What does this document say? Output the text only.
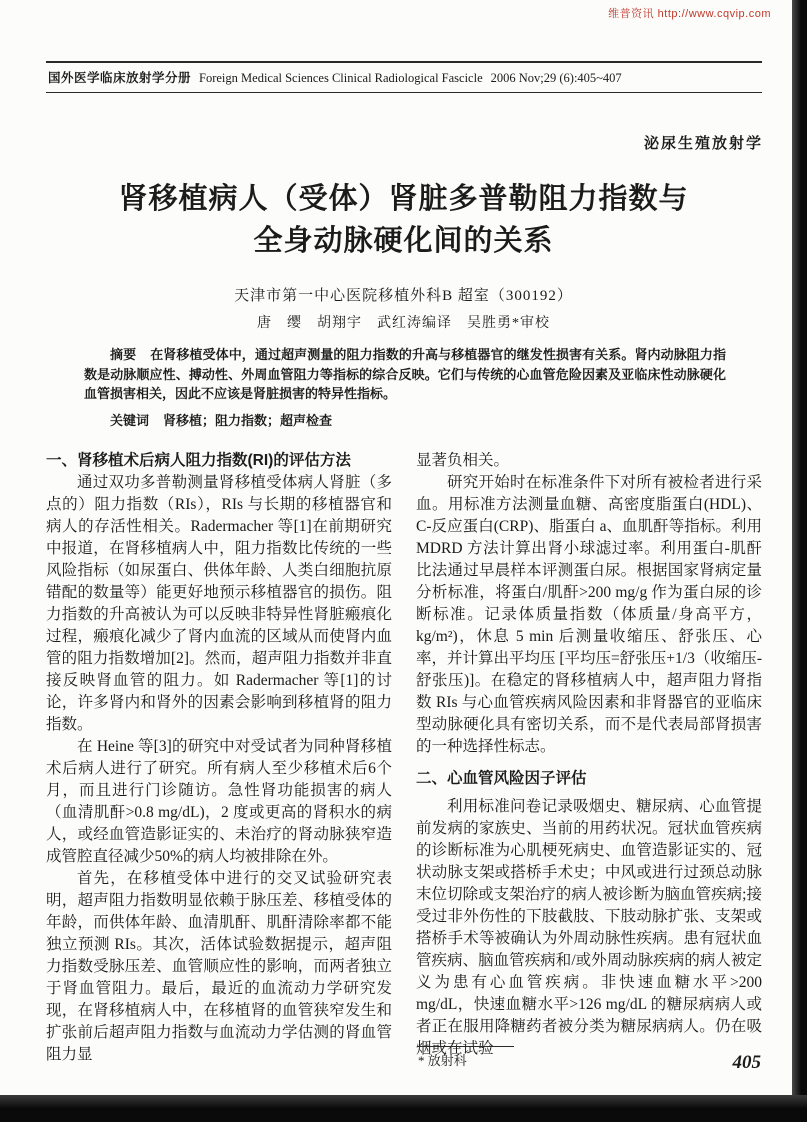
维普资讯 http://www.cqvip.com
国外医学临床放射学分册 Foreign Medical Sciences Clinical Radiological Fascicle 2006 Nov;29 (6):405~407
泌尿生殖放射学
肾移植病人（受体）肾脏多普勒阻力指数与
全身动脉硬化间的关系
天津市第一中心医院移植外科B 超室（300192）
唐　缨　胡翔宇　武红涛编译　吴胜勇*审校

摘要 在肾移植受体中，通过超声测量的阻力指数的升高与移植器官的继发性损害有关系。肾内动脉阻力指数是动脉顺应性、搏动性、外周血管阻力等指标的综合反映。它们与传统的心血管危险因素及亚临床性动脉硬化血管损害相关，因此不应该是肾脏损害的特异性指标。

关键词 肾移植；阻力指数；超声检查

一、肾移植术后病人阻力指数(RI)的评估方法

通过双功多普勒测量肾移植受体病人肾脏（多点的）阻力指数（RIs），RIs 与长期的移植器官和病人的存活性相关。Radermacher 等[1]在前期研究中报道，在肾移植病人中，阻力指数比传统的一些风险指标（如尿蛋白、供体年龄、人类白细胞抗原错配的数量等）能更好地预示移植器官的损伤。阻力指数的升高被认为可以反映非特异性肾脏瘢痕化过程，瘢痕化减少了肾内血流的区域从而使肾内血管的阻力指数增加[2]。然而，超声阻力指数并非直接反映肾血管的阻力。如 Radermacher 等[1]的讨论，许多肾内和肾外的因素会影响到移植肾的阻力指数。

在 Heine 等[3]的研究中对受试者为同种肾移植术后病人进行了研究。所有病人至少移植术后6个月，而且进行门诊随访。急性肾功能损害的病人（血清肌酐>0.8 mg/dL)，2 度或更高的肾积水的病人，或经血管造影证实的、未治疗的肾动脉狭窄造成管腔直径减少50%的病人均被排除在外。

首先，在移植受体中进行的交叉试验研究表明，超声阻力指数明显依赖于脉压差、移植受体的年龄，而供体年龄、血清肌酐、肌酐清除率都不能独立预测 RIs。其次，活体试验数据提示，超声阻力指数受脉压差、血管顺应性的影响，而两者独立于肾血管阻力。最后，最近的血流动力学研究发现，在肾移植病人中，在移植肾的血管狭窄发生和扩张前后超声阻力指数与血流动力学估测的肾血管阻力显

显著负相关。

研究开始时在标准条件下对所有被检者进行采血。用标准方法测量血糖、高密度脂蛋白(HDL)、C-反应蛋白(CRP)、脂蛋白 a、血肌酐等指标。利用 MDRD 方法计算出肾小球滤过率。利用蛋白-肌酐比法通过早晨样本评测蛋白尿。根据国家肾病定量分析标准，将蛋白/肌酐>200 mg/g 作为蛋白尿的诊断标准。记录体质量指数（体质量/身高平方，kg/m²)，休息 5 min 后测量收缩压、舒张压、心率，并计算出平均压 [平均压=舒张压+1/3（收缩压-舒张压)]。在稳定的肾移植病人中，超声阻力肾指数 RIs 与心血管疾病风险因素和非肾器官的亚临床型动脉硬化具有密切关系，而不是代表局部肾损害的一种选择性标志。

二、心血管风险因子评估

利用标准问卷记录吸烟史、糖尿病、心血管提前发病的家族史、当前的用药状况。冠状血管疾病的诊断标准为心肌梗死病史、血管造影证实的、冠状动脉支架或搭桥手术史；中风或进行过颈总动脉末位切除或支架治疗的病人被诊断为脑血管疾病;接受过非外伤性的下肢截肢、下肢动脉扩张、支架或搭桥手术等被确认为外周动脉性疾病。患有冠状血管疾病、脑血管疾病和/或外周动脉疾病的病人被定义为患有心血管疾病。非快速血糖水平>200 mg/dL，快速血糖水平>126 mg/dL 的糖尿病病人或者正在服用降糖药者被分类为糖尿病病人。仍在吸烟或在试验

* 放射科	405
